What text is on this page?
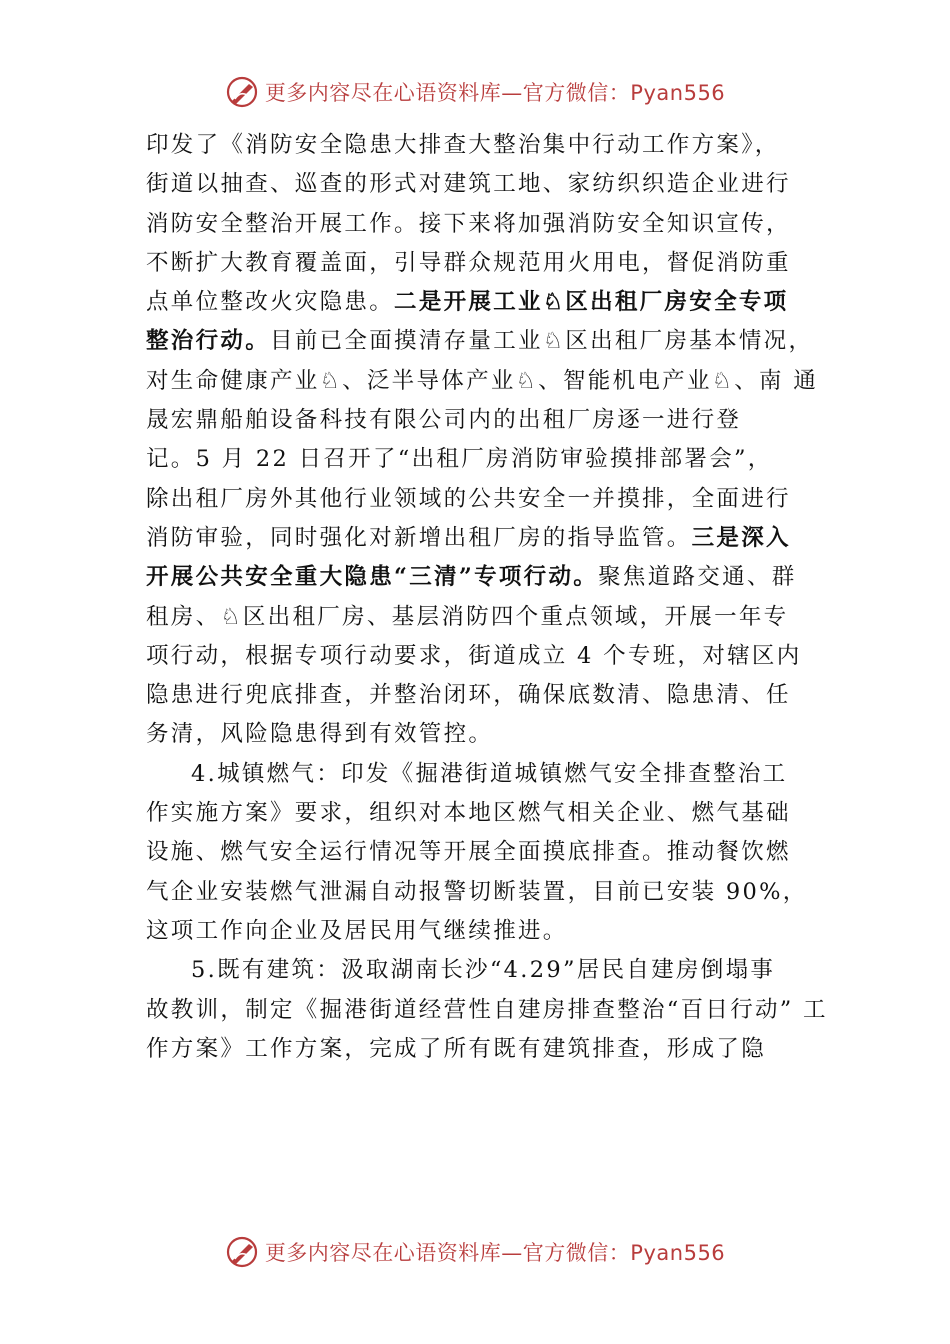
更多内容尽在心语资料库—官方微信：Pyan556
印发了《消防安全隐患大排查大整治集中行动工作方案》，
街道以抽查、巡查的形式对建筑工地、家纺织织造企业进行
消防安全整治开展工作。接下来将加强消防安全知识宣传，
不断扩大教育覆盖面，引导群众规范用火用电，督促消防重
点单位整改火灾隐患。二是开展工业♘区出租厂房安全专项
整治行动。目前已全面摸清存量工业♘区出租厂房基本情况，
对生命健康产业♘、泛半导体产业♘、智能机电产业♘、南 通
晟宏鼎船舶设备科技有限公司内的出租厂房逐一进行登
记。5 月 22 日召开了“出租厂房消防审验摸排部署会”，
除出租厂房外其他行业领域的公共安全一并摸排，全面进行
消防审验，同时强化对新增出租厂房的指导监管。三是深入
开展公共安全重大隐患“三清”专项行动。聚焦道路交通、群
租房、♘区出租厂房、基层消防四个重点领域，开展一年专
项行动，根据专项行动要求，街道成立 4 个专班，对辖区内
隐患进行兜底排查，并整治闭环，确保底数清、隐患清、任
务清，风险隐患得到有效管控。
4.城镇燃气：印发《掘港街道城镇燃气安全排查整治工
作实施方案》要求，组织对本地区燃气相关企业、燃气基础
设施、燃气安全运行情况等开展全面摸底排查。推动餐饮燃
气企业安装燃气泄漏自动报警切断装置，目前已安装 90%，
这项工作向企业及居民用气继续推进。
5.既有建筑：汲取湖南长沙“4.29”居民自建房倒塌事
故教训，制定《掘港街道经营性自建房排查整治“百日行动” 工
作方案》工作方案，完成了所有既有建筑排查，形成了隐
更多内容尽在心语资料库—官方微信：Pyan556
